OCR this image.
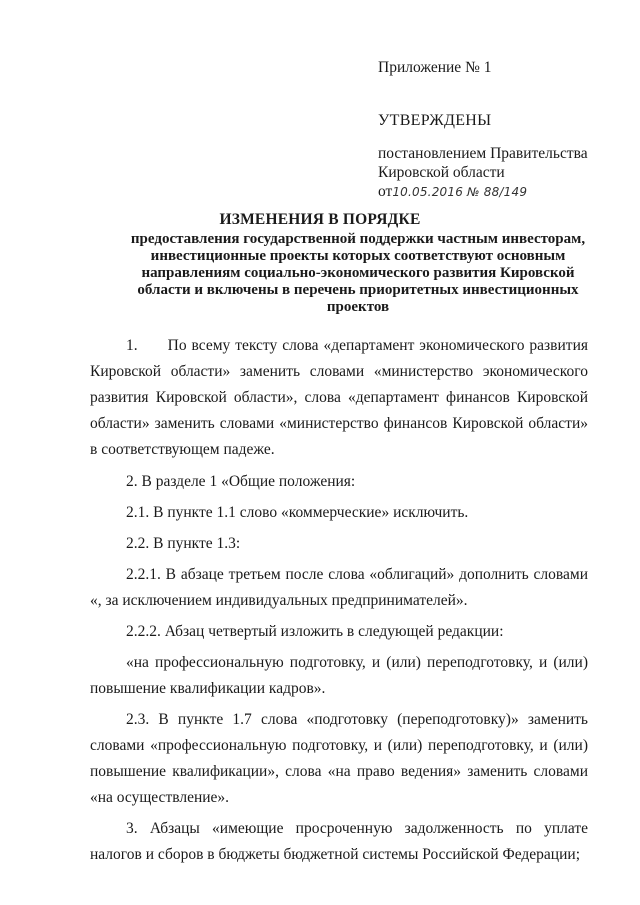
Приложение № 1

УТВЕРЖДЕНЫ

постановлением Правительства
Кировской области
от10.05.2016 № 88/149

ИЗМЕНЕНИЯ В ПОРЯДКЕ

предоставления государственной поддержки частным инвесторам,
инвестиционные проекты которых соответствуют основным
направлениям социально-экономического развития Кировской
области и включены в перечень приоритетных инвестиционных
проектов

1. По всему тексту слова «департамент экономического развития Кировской области» заменить словами «министерство экономического развития Кировской области», слова «департамент финансов Кировской области» заменить словами «министерство финансов Кировской области» в соответствующем падеже.

2. В разделе 1 «Общие положения:

2.1. В пункте 1.1 слово «коммерческие» исключить.

2.2. В пункте 1.3:

2.2.1. В абзаце третьем после слова «облигаций» дополнить словами «, за исключением индивидуальных предпринимателей».

2.2.2. Абзац четвертый изложить в следующей редакции:

«на профессиональную подготовку, и (или) переподготовку, и (или) повышение квалификации кадров».

2.3. В пункте 1.7 слова «подготовку (переподготовку)» заменить словами «профессиональную подготовку, и (или) переподготовку, и (или) повышение квалификации», слова «на право ведения» заменить словами «на осуществление».

3. Абзацы «имеющие просроченную задолженность по уплате налогов и сборов в бюджеты бюджетной системы Российской Федерации;
